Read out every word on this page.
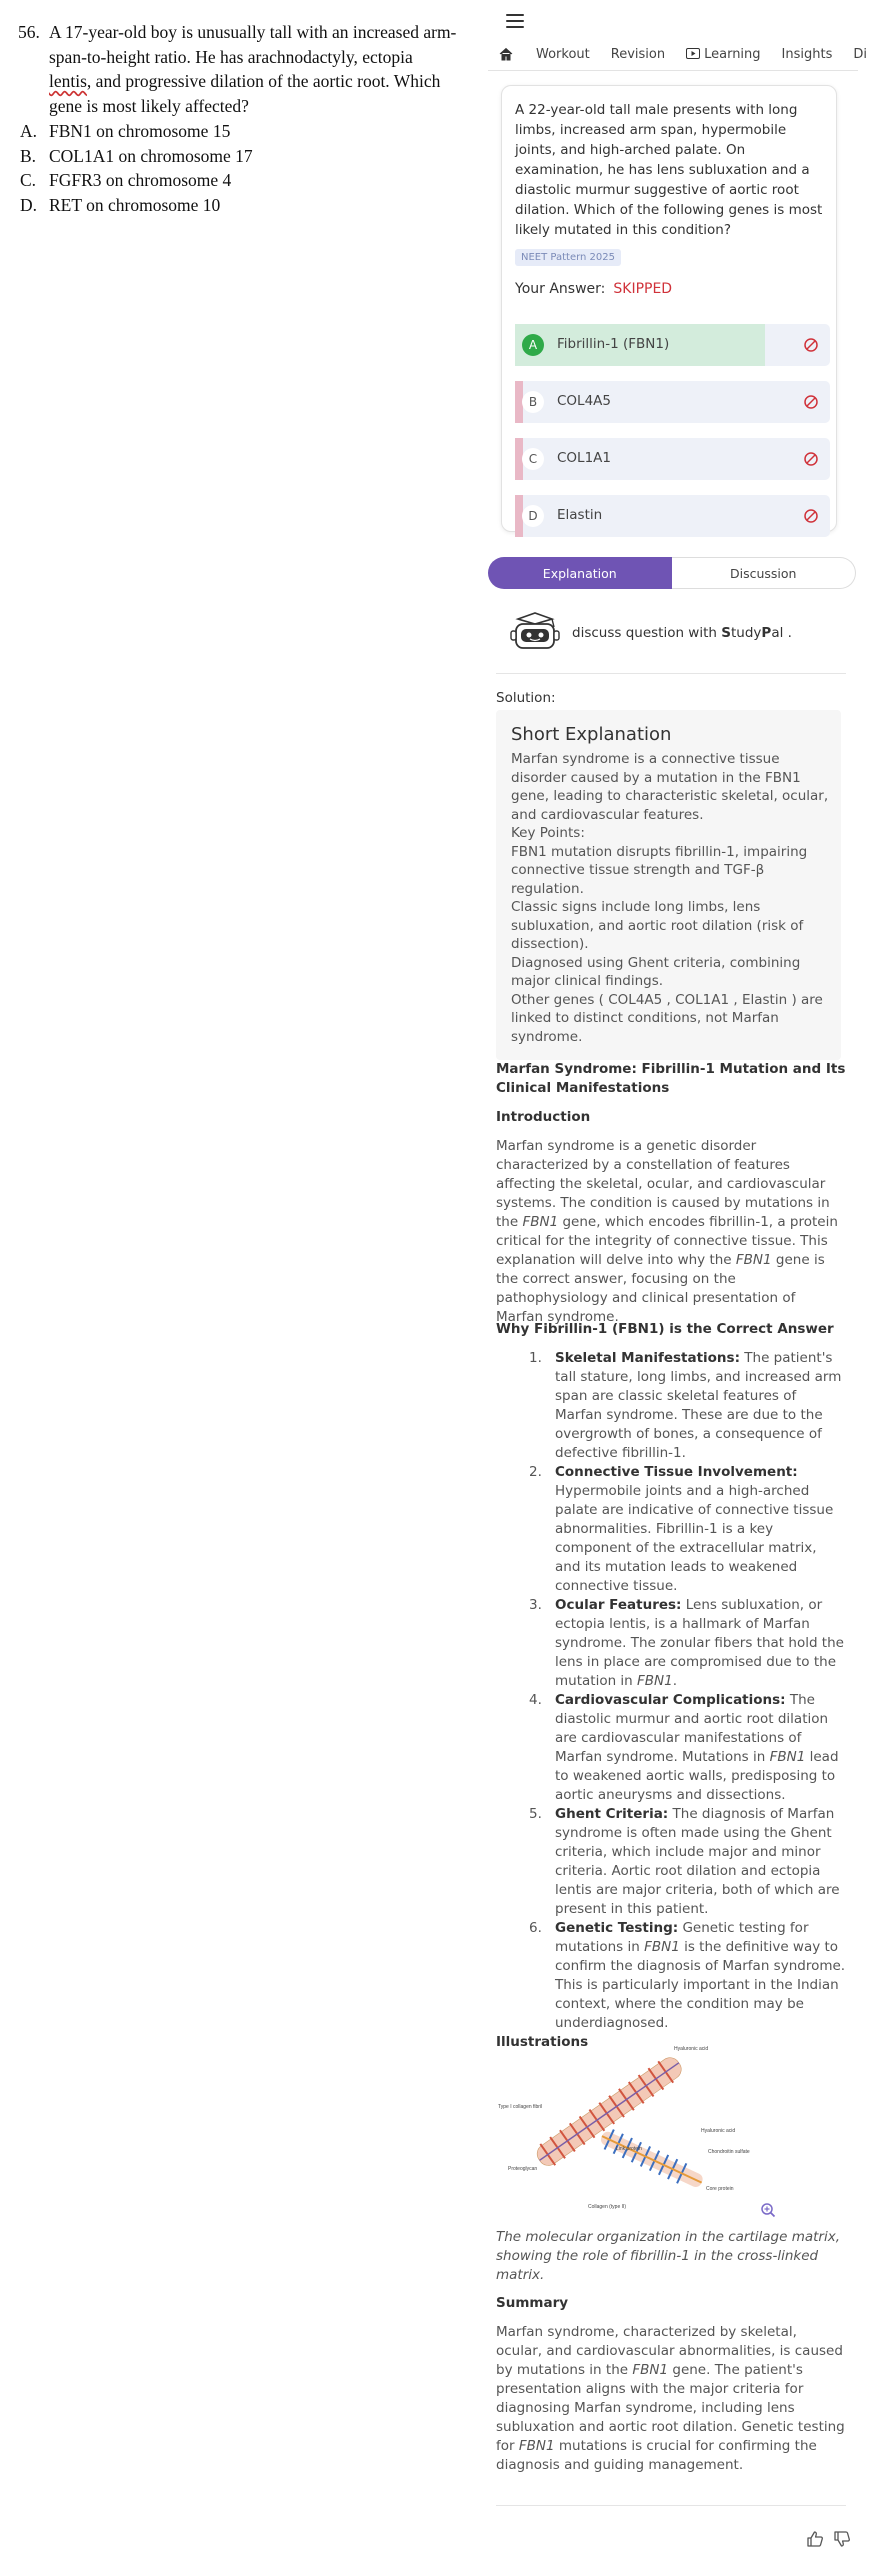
56. A 17-year-old boy is unusually tall with an increased arm-span-to-height ratio. He has arachnodactyly, ectopia lentis, and progressive dilation of the aortic root. Which gene is most likely affected?
A. FBN1 on chromosome 15
B. COL1A1 on chromosome 17
C. FGFR3 on chromosome 4
D. RET on chromosome 10
Workout Revision	Learning Insights Di
A 22-year-old tall male presents with long limbs, increased arm span, hypermobile joints, and high-arched palate. On examination, he has lens subluxation and a diastolic murmur suggestive of aortic root dilation. Which of the following genes is most likely mutated in this condition?
NEET Pattern 2025
Your Answer: SKIPPED
A	Fibrillin-1 (FBN1)
B	COL4A5
C	COL1A1
D	Elastin
Explanation	Discussion
discuss question with StudyPal .
Solution:
Short Explanation

Marfan syndrome is a connective tissue disorder caused by a mutation in the FBN1 gene, leading to characteristic skeletal, ocular, and cardiovascular features.

Key Points:

FBN1 mutation disrupts fibrillin-1, impairing connective tissue strength and TGF-β regulation.

Classic signs include long limbs, lens subluxation, and aortic root dilation (risk of dissection).

Diagnosed using Ghent criteria, combining major clinical findings.

Other genes ( COL4A5 , COL1A1 , Elastin ) are linked to distinct conditions, not Marfan syndrome.

Marfan Syndrome: Fibrillin-1 Mutation and Its Clinical Manifestations
Introduction

Marfan syndrome is a genetic disorder characterized by a constellation of features affecting the skeletal, ocular, and cardiovascular systems. The condition is caused by mutations in the FBN1 gene, which encodes fibrillin-1, a protein critical for the integrity of connective tissue. This explanation will delve into why the FBN1 gene is the correct answer, focusing on the pathophysiology and clinical presentation of Marfan syndrome.

Why Fibrillin-1 (FBN1) is the Correct Answer
1. Skeletal Manifestations: The patient's tall stature, long limbs, and increased arm span are classic skeletal features of Marfan syndrome. These are due to the overgrowth of bones, a consequence of defective fibrillin-1.
2. Connective Tissue Involvement: Hypermobile joints and a high-arched palate are indicative of connective tissue abnormalities. Fibrillin-1 is a key component of the extracellular matrix, and its mutation leads to weakened connective tissue.
3. Ocular Features: Lens subluxation, or ectopia lentis, is a hallmark of Marfan syndrome. The zonular fibers that hold the lens in place are compromised due to the mutation in FBN1.
4. Cardiovascular Complications: The diastolic murmur and aortic root dilation are cardiovascular manifestations of Marfan syndrome. Mutations in FBN1 lead to weakened aortic walls, predisposing to aortic aneurysms and dissections.
5. Ghent Criteria: The diagnosis of Marfan syndrome is often made using the Ghent criteria, which include major and minor criteria. Aortic root dilation and ectopia lentis are major criteria, both of which are present in this patient.
6. Genetic Testing: Genetic testing for mutations in FBN1 is the definitive way to confirm the diagnosis of Marfan syndrome. This is particularly important in the Indian context, where the condition may be underdiagnosed.
Illustrations	Hyaluronic acid
Type I collagen fibril
Hyaluronic acid
Link protein	Chondroitin sulfate
Proteoglycan
Core protein
Collagen (type II)
The molecular organization in the cartilage matrix, showing the role of fibrillin-1 in the cross-linked matrix.
Summary

Marfan syndrome, characterized by skeletal, ocular, and cardiovascular abnormalities, is caused by mutations in the FBN1 gene. The patient's presentation aligns with the major criteria for diagnosing Marfan syndrome, including lens subluxation and aortic root dilation. Genetic testing for FBN1 mutations is crucial for confirming the diagnosis and guiding management.
